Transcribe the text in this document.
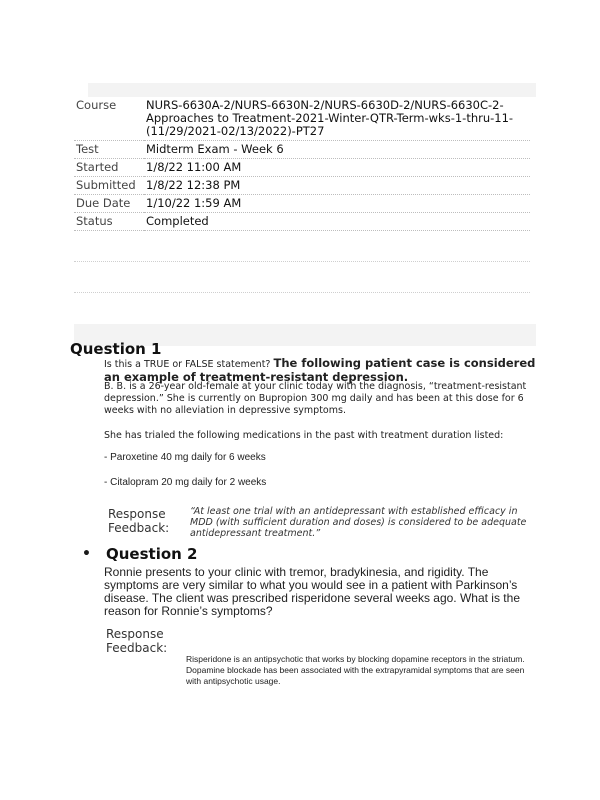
Course	NURS-6630A-2/NURS-6630N-2/NURS-6630D-2/NURS-6630C-2-Approaches to Treatment-2021-Winter-QTR-Term-wks-1-thru-11-(11/29/2021-02/13/2022)-PT27
Test	Midterm Exam - Week 6
Started	1/8/22 11:00 AM
Submitted	1/8/22 12:38 PM
Due Date	1/10/22 1:59 AM
Status	Completed
Question 1
Is this a TRUE or FALSE statement? The following patient case is considered an example of treatment-resistant depression.
B. B. is a 26-year old-female at your clinic today with the diagnosis, “treatment-resistant depression.” She is currently on Bupropion 300 mg daily and has been at this dose for 6 weeks with no alleviation in depressive symptoms.
She has trialed the following medications in the past with treatment duration listed:
- Paroxetine 40 mg daily for 6 weeks
- Citalopram 20 mg daily for 2 weeks
Response
Feedback:
“At least one trial with an antidepressant with established efficacy in MDD (with sufficient duration and doses) is considered to be adequate antidepressant treatment.”
• Question 2
Ronnie presents to your clinic with tremor, bradykinesia, and rigidity. The symptoms are very similar to what you would see in a patient with Parkinson’s disease. The client was prescribed risperidone several weeks ago. What is the reason for Ronnie’s symptoms?
Response
Feedback:
Risperidone is an antipsychotic that works by blocking dopamine receptors in the striatum. Dopamine blockade has been associated with the extrapyramidal symptoms that are seen with antipsychotic usage.
